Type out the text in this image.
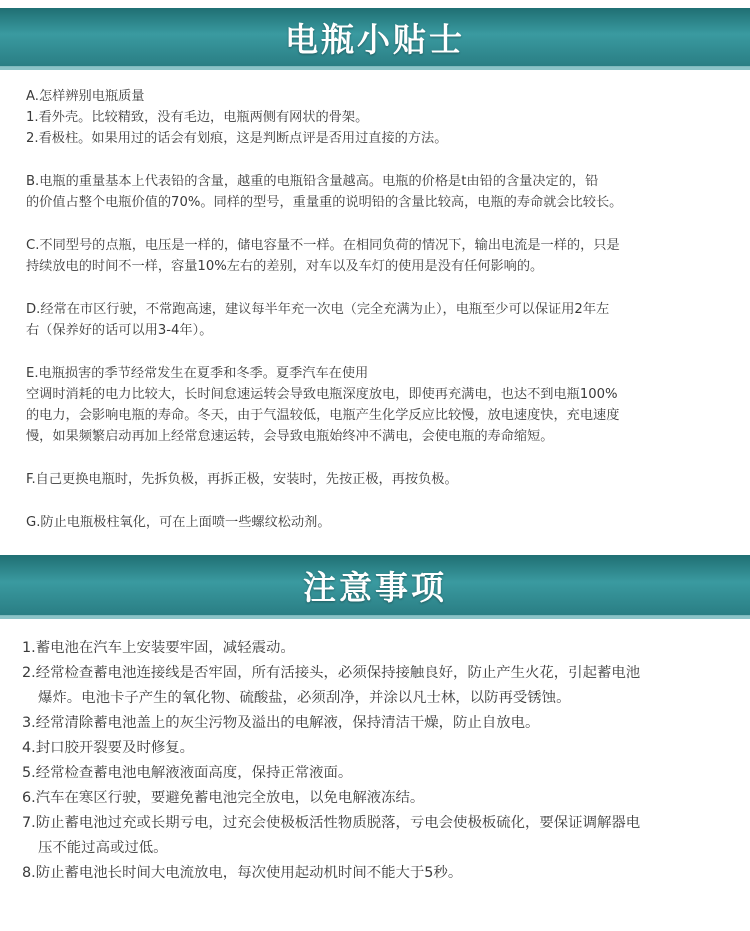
电瓶小贴士

A.怎样辨别电瓶质量

1.看外壳。比较精致，没有毛边，电瓶两侧有网状的骨架。

2.看极柱。如果用过的话会有划痕，这是判断点评是否用过直接的方法。

B.电瓶的重量基本上代表铅的含量，越重的电瓶铅含量越高。电瓶的价格是t由铅的含量决定的，铅

的价值占整个电瓶价值的70%。同样的型号，重量重的说明铅的含量比较高，电瓶的寿命就会比较长。

C.不同型号的点瓶，电压是一样的，储电容量不一样。在相同负荷的情况下，输出电流是一样的，只是

持续放电的时间不一样，容量10%左右的差别，对车以及车灯的使用是没有任何影响的。

D.经常在市区行驶，不常跑高速，建议每半年充一次电（完全充满为止），电瓶至少可以保证用2年左

右（保养好的话可以用3-4年）。

E.电瓶损害的季节经常发生在夏季和冬季。夏季汽车在使用

空调时消耗的电力比较大，长时间怠速运转会导致电瓶深度放电，即使再充满电，也达不到电瓶100%

的电力，会影响电瓶的寿命。冬天，由于气温较低，电瓶产生化学反应比较慢，放电速度快，充电速度

慢，如果频繁启动再加上经常怠速运转，会导致电瓶始终冲不满电，会使电瓶的寿命缩短。

F.自己更换电瓶时，先拆负极，再拆正极，安装时，先按正极，再按负极。

G.防止电瓶极柱氧化，可在上面喷一些螺纹松动剂。

注意事项

1.蓄电池在汽车上安装要牢固，减轻震动。

2.经常检查蓄电池连接线是否牢固，所有活接头，必须保持接触良好，防止产生火花，引起蓄电池

爆炸。电池卡子产生的氧化物、硫酸盐，必须刮净，并涂以凡士林，以防再受锈蚀。

3.经常清除蓄电池盖上的灰尘污物及溢出的电解液，保持清洁干燥，防止自放电。

4.封口胶开裂要及时修复。

5.经常检查蓄电池电解液液面高度，保持正常液面。

6.汽车在寒区行驶，要避免蓄电池完全放电，以免电解液冻结。

7.防止蓄电池过充或长期亏电，过充会使极板活性物质脱落，亏电会使极板硫化，要保证调解器电

压不能过高或过低。

8.防止蓄电池长时间大电流放电，每次使用起动机时间不能大于5秒。
